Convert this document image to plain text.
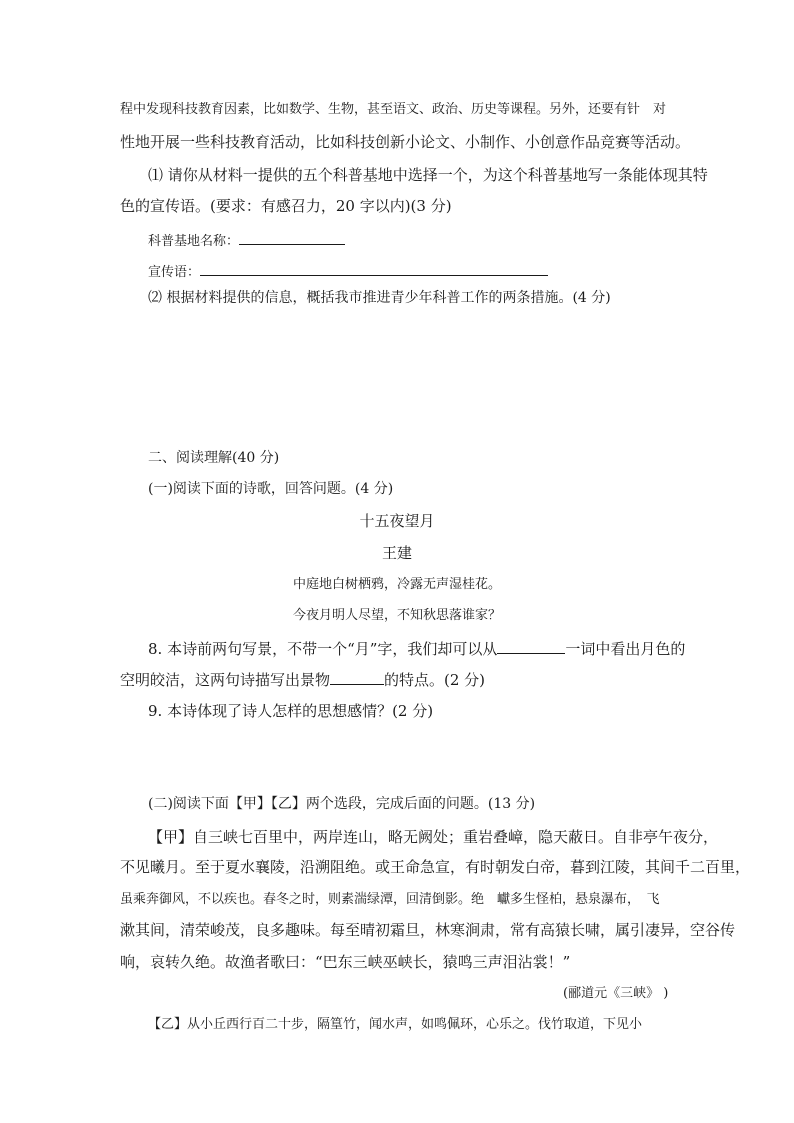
程中发现科技教育因素，比如数学、生物，甚至语文、政治、历史等课程。另外，还要有针　对
性地开展一些科技教育活动，比如科技创新小论文、小制作、小创意作品竞赛等活动。
⑴ 请你从材料一提供的五个科普基地中选择一个，为这个科普基地写一条能体现其特
色的宣传语。(要求：有感召力，20 字以内)(3 分)
科普基地名称：
宣传语：
⑵ 根据材料提供的信息，概括我市推进青少年科普工作的两条措施。(4 分)
二、阅读理解(40 分)
(一)阅读下面的诗歌，回答问题。(4 分)
十五夜望月
王建
中庭地白树栖鸦，冷露无声湿桂花。
今夜月明人尽望，不知秋思落谁家？
8. 本诗前两句写景，不带一个“月”字，我们却可以从	一词中看出月色的
空明皎洁，这两句诗描写出景物	的特点。(2 分)
9. 本诗体现了诗人怎样的思想感情？(2 分)
(二)阅读下面【甲】【乙】两个选段，完成后面的问题。(13 分)
【甲】自三峡七百里中，两岸连山，略无阙处；重岩叠嶂，隐天蔽日。自非亭午夜分，
不见曦月。至于夏水襄陵，沿溯阻绝。或王命急宣，有时朝发白帝，暮到江陵，其间千二百里，
虽乘奔御风，不以疾也。春冬之时，则素湍绿潭，回清倒影。绝　巘多生怪柏，悬泉瀑布，　飞
漱其间，清荣峻茂，良多趣味。每至晴初霜旦，林寒涧肃，常有高猿长啸，属引凄异，空谷传
响，哀转久绝。故渔者歌曰：“巴东三峡巫峡长，猿鸣三声泪沾裳！”
(郦道元《三峡》 )
【乙】从小丘西行百二十步，隔篁竹，闻水声，如鸣佩环，心乐之。伐竹取道，下见小
